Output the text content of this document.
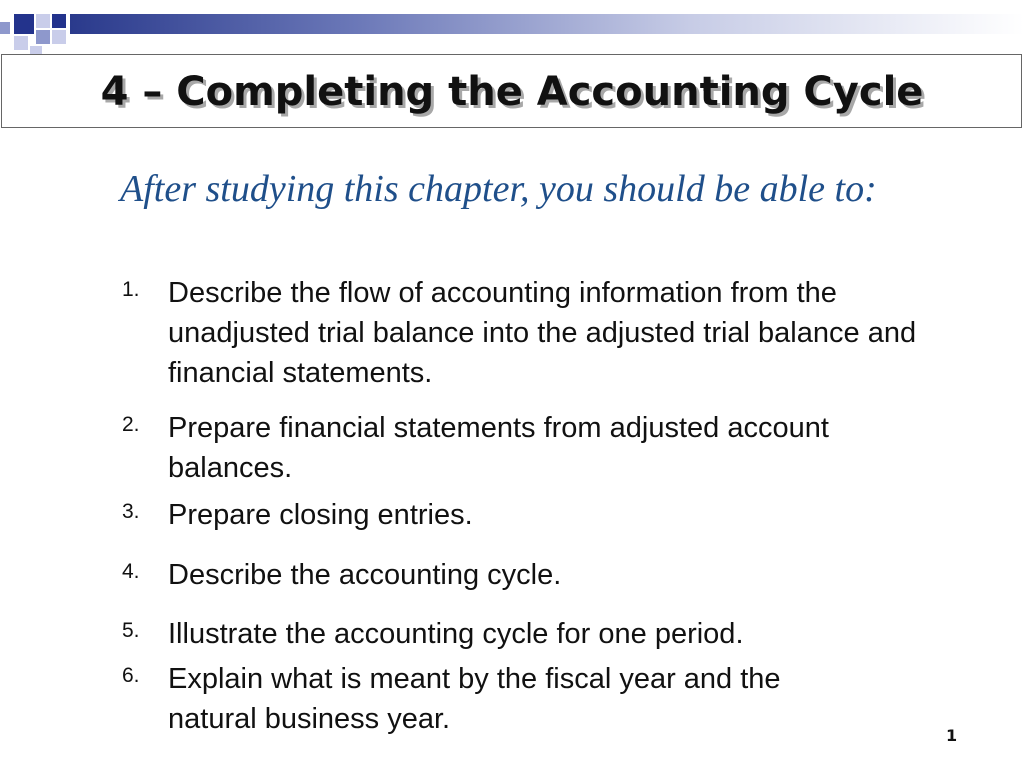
4 – Completing the Accounting Cycle
After studying this chapter, you should be able to:
1. Describe the flow of accounting information from the unadjusted trial balance into the adjusted trial balance and financial statements.
2. Prepare financial statements from adjusted account balances.
3. Prepare closing entries.
4. Describe the accounting cycle.
5. Illustrate the accounting cycle for one period.
6. Explain what is meant by the fiscal year and the natural business year.
1
